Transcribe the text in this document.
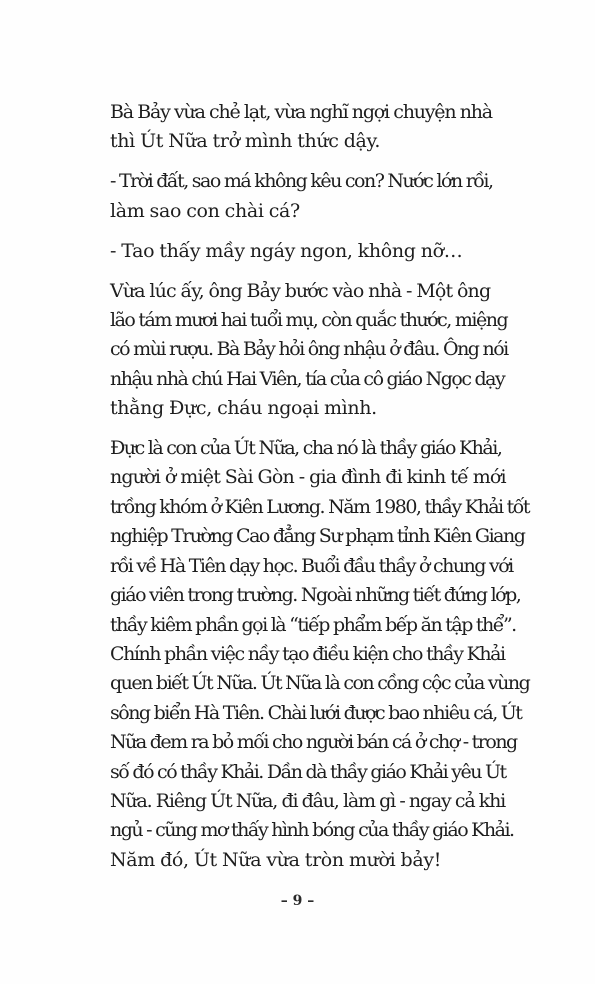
Bà Bảy vừa chẻ lạt, vừa nghĩ ngợi chuyện nhà
thì Út Nữa trở mình thức dậy.

- Trời đất, sao má không kêu con? Nước lớn rồi,
làm sao con chài cá?

- Tao thấy mầy ngáy ngon, không nỡ…

Vừa lúc ấy, ông Bảy bước vào nhà - Một ông
lão tám mươi hai tuổi mụ, còn quắc thước, miệng
có mùi rượu. Bà Bảy hỏi ông nhậu ở đâu. Ông nói
nhậu nhà chú Hai Viên, tía của cô giáo Ngọc dạy
thằng Đực, cháu ngoại mình.

Đực là con của Út Nữa, cha nó là thầy giáo Khải,
người ở miệt Sài Gòn - gia đình đi kinh tế mới
trồng khóm ở Kiên Lương. Năm 1980, thầy Khải tốt
nghiệp Trường Cao đẳng Sư phạm tỉnh Kiên Giang
rồi về Hà Tiên dạy học. Buổi đầu thầy ở chung với
giáo viên trong trường. Ngoài những tiết đứng lớp,
thầy kiêm phần gọi là “tiếp phẩm bếp ăn tập thể”.
Chính phần việc nầy tạo điều kiện cho thầy Khải
quen biết Út Nữa. Út Nữa là con cồng cộc của vùng
sông biển Hà Tiên. Chài lưới được bao nhiêu cá, Út
Nữa đem ra bỏ mối cho người bán cá ở chợ - trong
số đó có thầy Khải. Dần dà thầy giáo Khải yêu Út
Nữa. Riêng Út Nữa, đi đâu, làm gì - ngay cả khi
ngủ - cũng mơ thấy hình bóng của thầy giáo Khải.
Năm đó, Út Nữa vừa tròn mười bảy!

– 9 –
